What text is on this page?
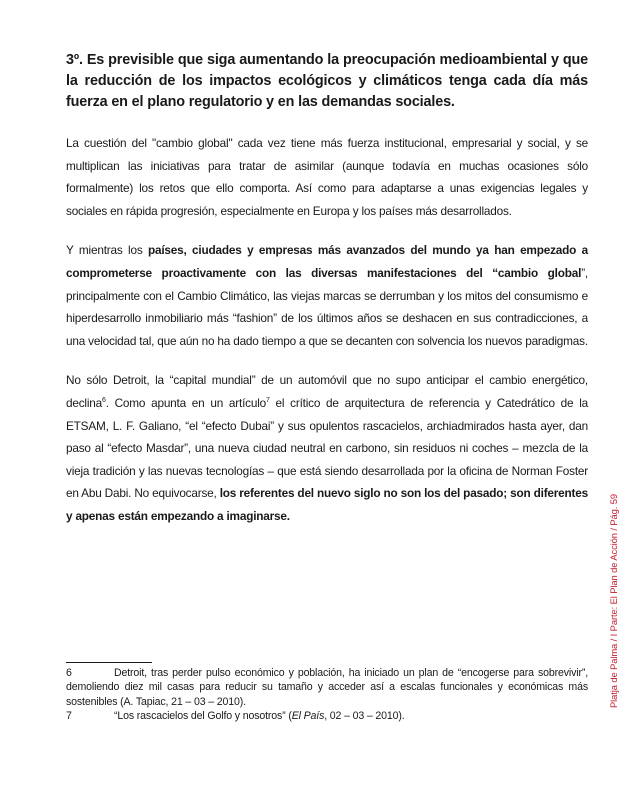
3º. Es previsible que siga aumentando la preocupación medioambiental y que la reducción de los impactos ecológicos y climáticos tenga cada día más fuerza en el plano regulatorio y en las demandas sociales.

La cuestión del "cambio global" cada vez tiene más fuerza institucional, empresarial y social, y se multiplican las iniciativas para tratar de asimilar (aunque todavía en muchas ocasiones sólo formalmente) los retos que ello comporta. Así como para adaptarse a unas exigencias legales y sociales en rápida progresión, especialmente en Europa y los países más desarrollados.

Y mientras los países, ciudades y empresas más avanzados del mundo ya han empezado a comprometerse proactivamente con las diversas manifestaciones del “cambio global”, principalmente con el Cambio Climático, las viejas marcas se derrumban y los mitos del consumismo e hiperdesarrollo inmobiliario más “fashion” de los últimos años se deshacen en sus contradicciones, a una velocidad tal, que aún no ha dado tiempo a que se decanten con solvencia los nuevos paradigmas.

No sólo Detroit, la “capital mundial” de un automóvil que no supo anticipar el cambio energético, declina$^6$. Como apunta en un artículo$^7$ el crítico de arquitectura de referencia y Catedrático de la ETSAM, L. F. Galiano, “el “efecto Dubai” y sus opulentos rascacielos, archiadmirados hasta ayer, dan paso al “efecto Masdar”, una nueva ciudad neutral en carbono, sin residuos ni coches – mezcla de la vieja tradición y las nuevas tecnologías – que está siendo desarrollada por la oficina de Norman Foster en Abu Dabi. No equivocarse, los referentes del nuevo siglo no son los del pasado; son diferentes y apenas están empezando a imaginarse.

6	Detroit, tras perder pulso económico y población, ha iniciado un plan de “encogerse para sobrevivir”, demoliendo diez mil casas para reducir su tamaño y acceder así a escalas funcionales y económicas más sostenibles (A. Tapiac, 21 – 03 – 2010).

7	“Los rascacielos del Golfo y nosotros” (El País, 02 – 03 – 2010).

Platja de Palma / I Parte: El Plan de Acción / Pág. 59
